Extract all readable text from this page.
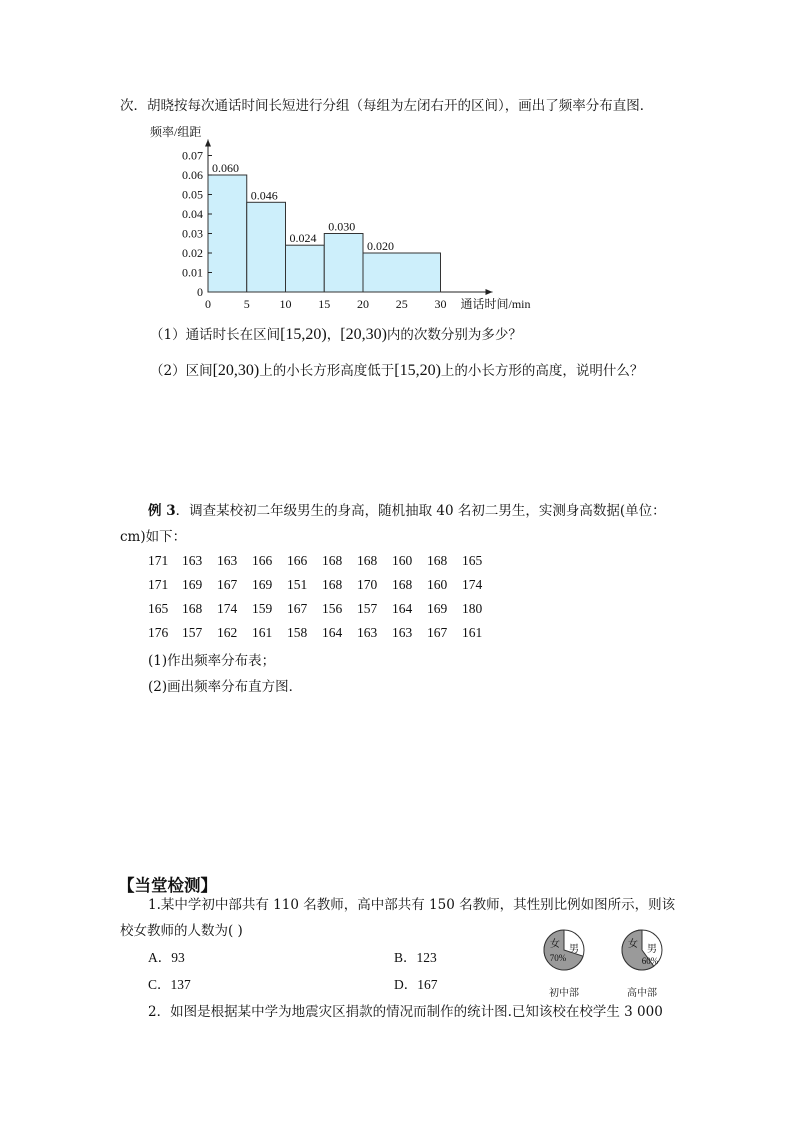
次．胡晓按每次通话时间长短进行分组（每组为左闭右开的区间），画出了频率分布直图．
0.060
0.046
0.024
0.030
0.020
0
0.01
0.02
0.03
0.04
0.05
0.06
0.07
0	5 10 15 20 25 30
频率/组距
通话时间/min
（1）通话时长在区间[15,20)，[20,30)内的次数分别为多少？
（2）区间[20,30)上的小长方形高度低于[15,20)上的小长方形的高度，说明什么？
例 3．调查某校初二年级男生的身高，随机抽取 40 名初二男生，实测身高数据(单位：
cm)如下：
171 163 163 166 166 168 168 160 168 165
171 169 167 169 151 168 170 168 160 174
165 168 174 159 167 156 157 164 169 180
176 157 162 161 158 164 163 163 167 161
(1)作出频率分布表；
(2)画出频率分布直方图．
【当堂检测】
1.某中学初中部共有 110 名教师，高中部共有 150 名教师，其性别比例如图所示，则该
校女教师的人数为( )
A．93	B．123
C．137	D．167
女 男
70%
初中部
女 男
60%
高中部
2．如图是根据某中学为地震灾区捐款的情况而制作的统计图.已知该校在校学生 3 000
